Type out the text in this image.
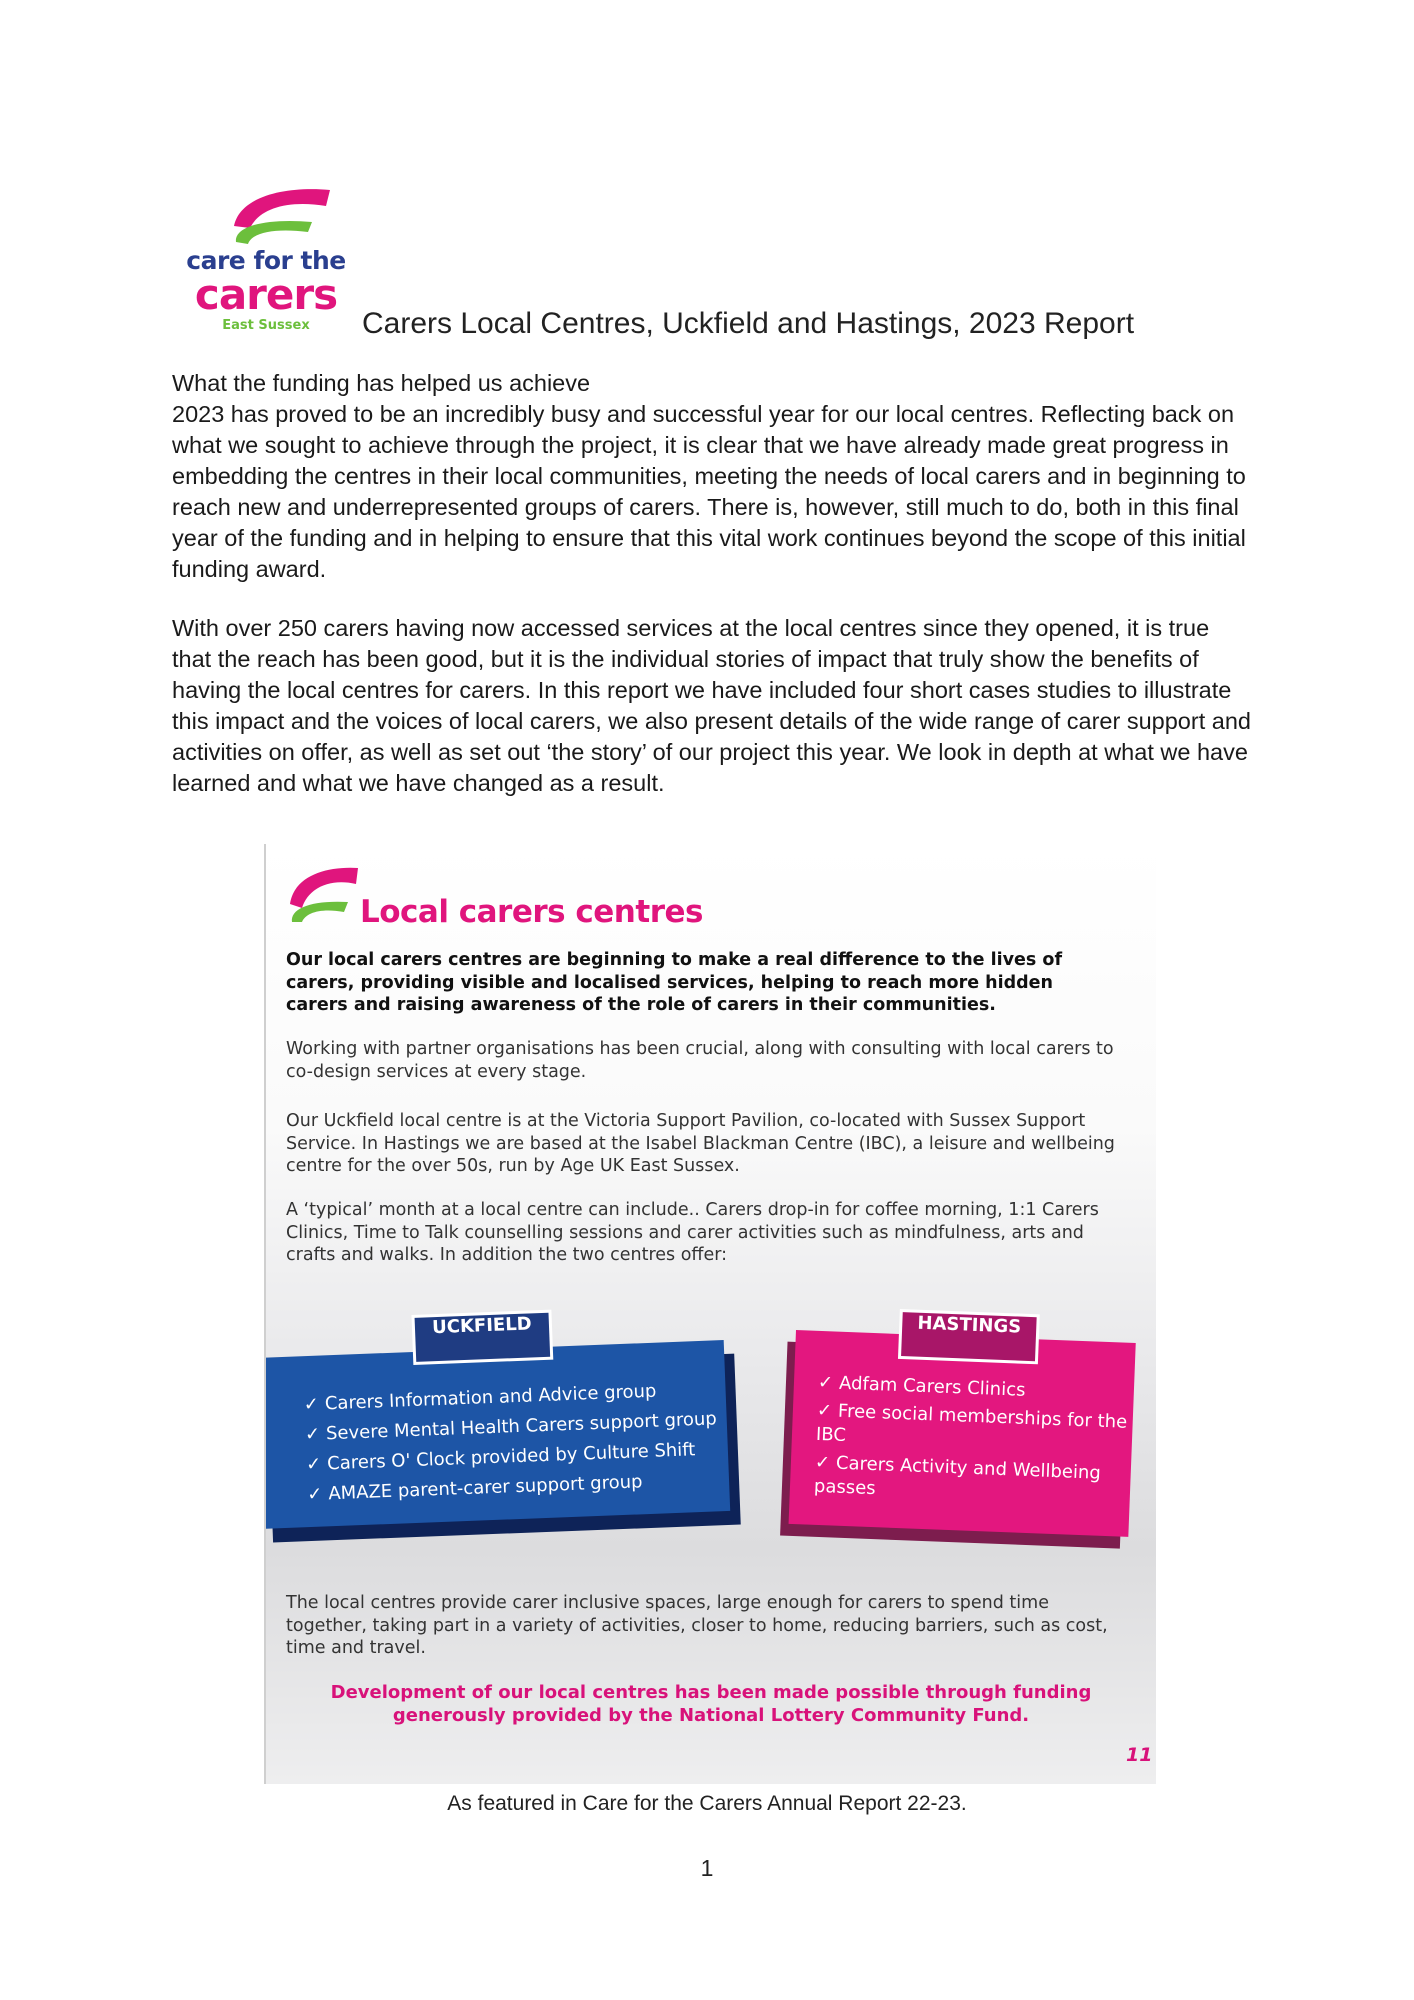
care for the
carers
East Sussex	Carers Local Centres, Uckfield and Hastings, 2023 Report
What the funding has helped us achieve
2023 has proved to be an incredibly busy and successful year for our local centres. Reflecting back on what we sought to achieve through the project, it is clear that we have already made great progress in embedding the centres in their local communities, meeting the needs of local carers and in beginning to reach new and underrepresented groups of carers. There is, however, still much to do, both in this final year of the funding and in helping to ensure that this vital work continues beyond the scope of this initial funding award.
With over 250 carers having now accessed services at the local centres since they opened, it is true that the reach has been good, but it is the individual stories of impact that truly show the benefits of having the local centres for carers. In this report we have included four short cases studies to illustrate this impact and the voices of local carers, we also present details of the wide range of carer support and activities on offer, as well as set out ‘the story’ of our project this year. We look in depth at what we have learned and what we have changed as a result.
Local carers centres
Our local carers centres are beginning to make a real difference to the lives of carers, providing visible and localised services, helping to reach more hidden carers and raising awareness of the role of carers in their communities.
Working with partner organisations has been crucial, along with consulting with local carers to co-design services at every stage.
Our Uckfield local centre is at the Victoria Support Pavilion, co-located with Sussex Support Service. In Hastings we are based at the Isabel Blackman Centre (IBC), a leisure and wellbeing centre for the over 50s, run by Age UK East Sussex.
A ‘typical’ month at a local centre can include.. Carers drop-in for coffee morning, 1:1 Carers Clinics, Time to Talk counselling sessions and carer activities such as mindfulness, arts and crafts and walks. In addition the two centres offer:
UCKFIELD
✓ Carers Information and Advice group
✓ Severe Mental Health Carers support group
✓ Carers O' Clock provided by Culture Shift
✓ AMAZE parent-carer support group
HASTINGS
✓ Adfam Carers Clinics
✓ Free social memberships for the IBC
✓ Carers Activity and Wellbeing passes
The local centres provide carer inclusive spaces, large enough for carers to spend time together, taking part in a variety of activities, closer to home, reducing barriers, such as cost, time and travel.
Development of our local centres has been made possible through funding generously provided by the National Lottery Community Fund.
11
As featured in Care for the Carers Annual Report 22-23.
1
